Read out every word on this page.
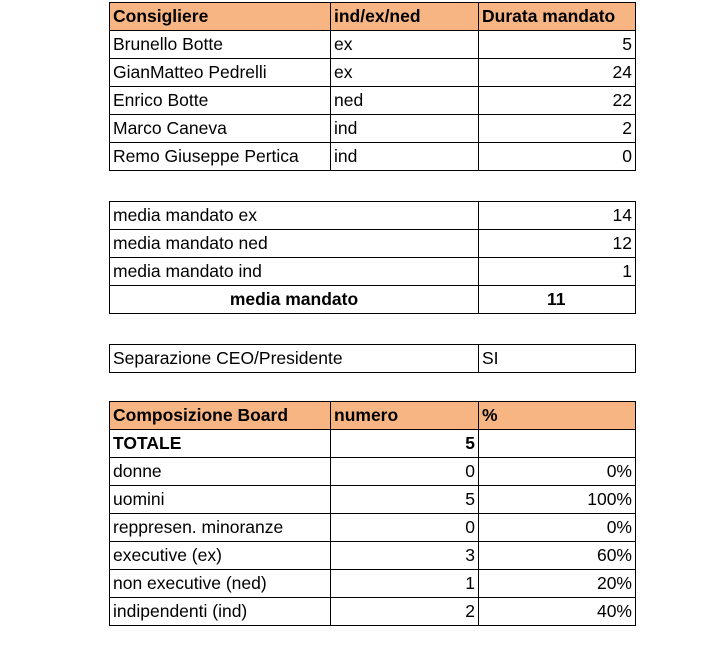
Consigliere	ind/ex/ned	Durata mandato
Brunello Botte	ex	5
GianMatteo Pedrelli	ex	24
Enrico Botte	ned	22
Marco Caneva	ind	2
Remo Giuseppe Pertica	ind	0
media mandato ex	14
media mandato ned	12
media mandato ind	1
media mandato	11
Separazione CEO/Presidente	SI
Composizione Board	numero	%
TOTALE	5	
donne	0	0%
uomini	5	100%
reppresen. minoranze	0	0%
executive (ex)	3	60%
non executive (ned)	1	20%
indipendenti (ind)	2	40%
